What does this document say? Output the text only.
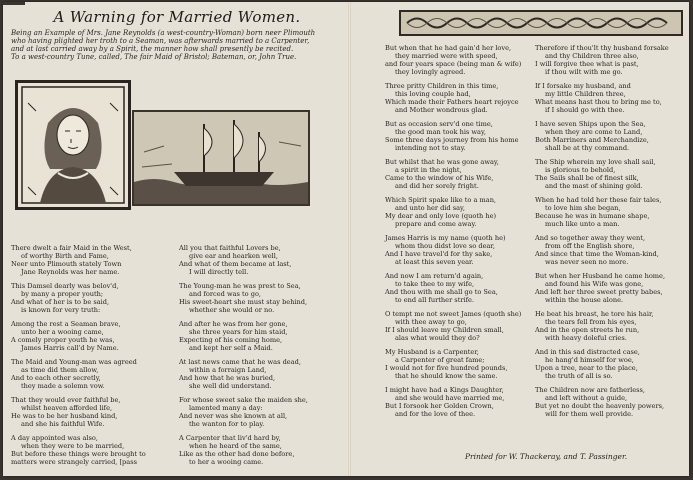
A Warning for Married Women.
Being an Example of Mrs. Jane Reynolds (a west-country-Woman) born neer Plimouth
who having plighted her troth to a Seaman, was afterwards married to a Carpenter,
and at last carried away by a Spirit, the manner how shall presently be recited.
To a west-country Tune, called, The fair Maid of Bristol; Bateman, or, John True.
There dwelt a fair Maid in the West,
of worthy Birth and Fame,
Neer unto Plimouth stately Town
Jane Reynolds was her name.
This Damsel dearly was belov'd,
by many a proper youth;
And what of her is to be said,
is known for very truth:
Among the rest a Seaman brave,
unto her a wooing came,
A comely proper youth he was,
James Harris call'd by Name.
The Maid and Young-man was agreed
as time did them allow,
And to each other secretly,
they made a solemn vow.
That they would ever faithful be,
whilst heaven afforded life,
He was to be her husband kind,
and she his faithful Wife.
A day appointed was also,
when they were to be married,
But before these things were brought to
matters were strangely carried, [pass
All you that faithful Lovers be,
give ear and hearken well,
And what of them became at last,
I will directly tell.
The Young-man he was prest to Sea,
and forced was to go,
His sweet-heart she must stay behind,
whether she would or no.
And after he was from her gone,
she three years for him staid,
Expecting of his coming home,
and kept her self a Maid.
At last news came that he was dead,
within a forraign Land,
And how that he was buried,
she well did understand.
For whose sweet sake the maiden she,
lamented many a day:
And never was she known at all,
the wanton for to play.
A Carpenter that liv'd hard by,
when he heard of the same,
Like as the other had done before,
to her a wooing came.
But when that he had gain'd her love,
they married were with speed,
and four years space (being man & wife)
they lovingly agreed.
Three pritty Children in this time,
this loving couple had,
Which made their Fathers heart rejoyce
and Mother wondrous glad.
But as occasion serv'd one time,
the good man took his way,
Some three days journey from his home
intending not to stay.
But whilst that he was gone away,
a spirit in the night,
Came to the window of his Wife,
and did her sorely fright.
Which Spirit spake like to a man,
and unto her did say,
My dear and only love (quoth he)
prepare and come away.
James Harris is my name (quoth he)
whom thou didst love so dear,
And I have travel'd for thy sake,
at least this seven year.
And now I am return'd again,
to take thee to my wife,
And thou with me shall go to Sea,
to end all further strife.
O tempt me not sweet James (quoth she)
with thee away to go,
If I should leave my Children small,
alas what would they do?
My Husband is a Carpenter,
a Carpenter of great fame;
I would not for five hundred pounds,
that he should know the same.
I might have had a Kings Daughter,
and she would have married me,
But I forsook her Golden Crown,
and for the love of thee.
Therefore if thou'lt thy husband forsake
and thy Children three also,
I will forgive thee what is past,
if thou wilt with me go.
If I forsake my husband, and
my little Children three,
What means hast thou to bring me to,
if I should go with thee.
I have seven Ships upon the Sea,
when they are come to Land,
Both Marriners and Merchandize,
shall be at thy command.
The Ship wherein my love shall sail,
is glorious to behold,
The Sails shall be of finest silk,
and the mast of shining gold.
When he had told her these fair tales,
to love him she began,
Because he was in humane shape,
much like unto a man.
And so together away they went,
from off the English shore,
And since that time the Woman-kind,
was never seen no more.
But when her Husband he came home,
and found his Wife was gone,
And left her three sweet pretty babes,
within the house alone.
He beat his breast, he tore his hair,
the tears fell from his eyes,
And in the open streets he run,
with heavy doleful cries.
And in this sad distracted case,
he hang'd himself for woe,
Upon a tree, near to the place,
the truth of all is so.
The Children now are fatherless,
and left without a guide,
But yet no doubt the heavenly powers,
will for them well provide.
Printed for W. Thackeray, and T. Passinger.
